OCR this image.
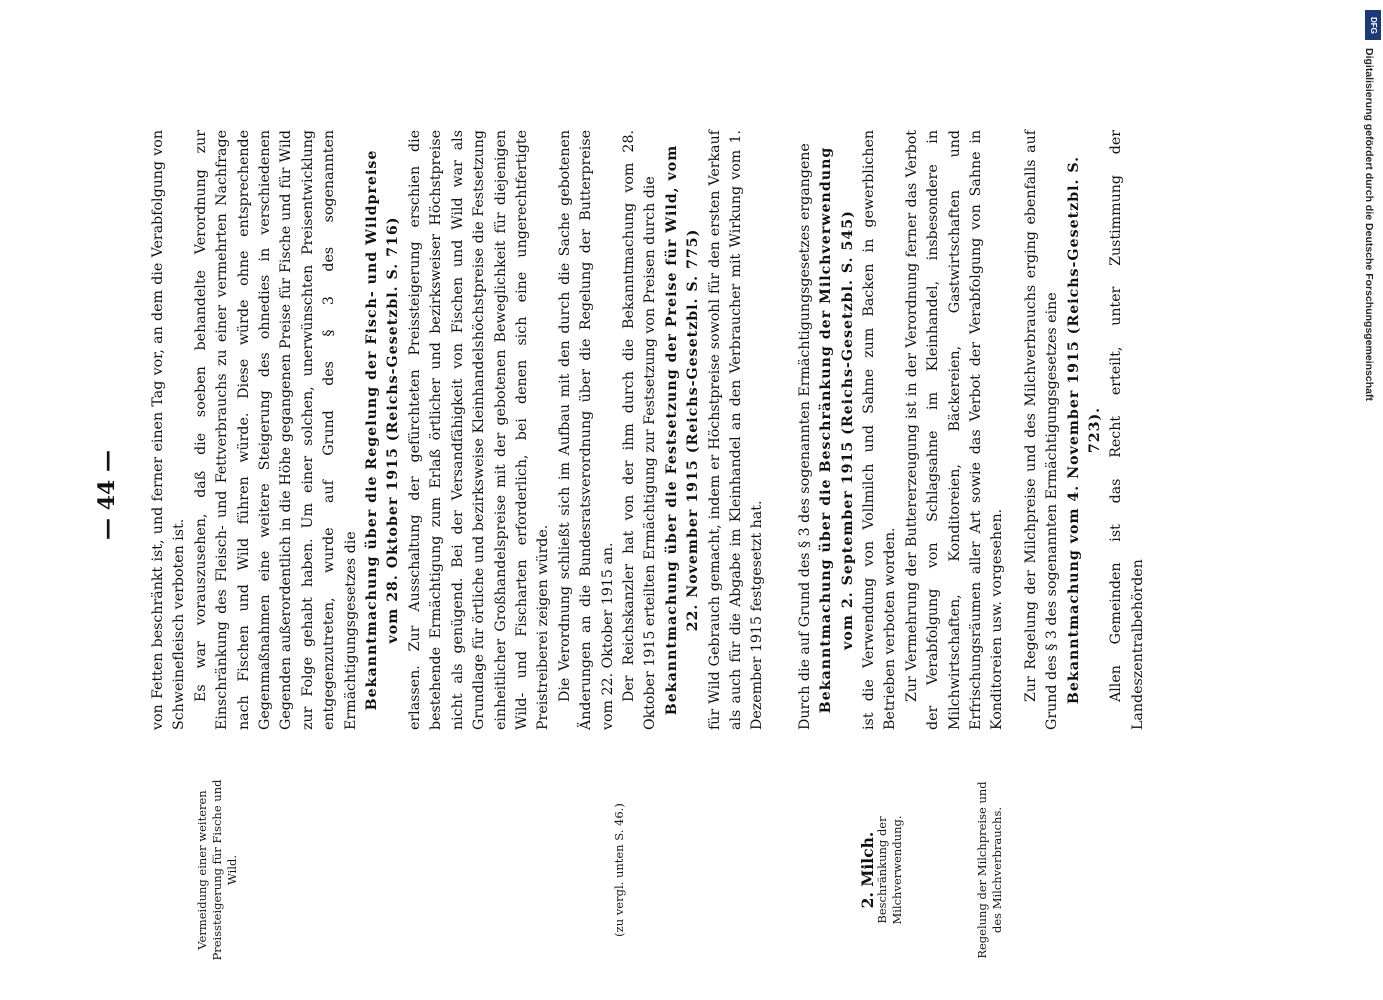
— 44 —
Vermeidung einer weiteren Preissteigerung für Fische und Wild.	(zu vergl. unten S. 46.)	2. Milch.
Beschränkung der Milchverwendung.	Regelung der Milchpreise und des Milchverbrauchs.

von Fetten beschränkt ist, und ferner einen Tag vor, an dem die Verabfolgung von Schweinefleisch verboten ist. Es war vorauszusehen, daß die soeben behandelte Verordnung zur Einschränkung des Fleisch- und Fettverbrauchs zu einer vermehrten Nachfrage nach Fischen und Wild führen würde. Diese würde ohne entsprechende Gegenmaßnahmen eine weitere Steigerung des ohnedies in verschiedenen Gegenden außerordentlich in die Höhe gegangenen Preise für Fische und für Wild zur Folge gehabt haben. Um einer solchen, unerwünschten Preisentwicklung entgegenzutreten, wurde auf Grund des § 3 des sogenannten Ermächtigungsgesetzes die Bekanntmachung über die Regelung der Fisch- und Wildpreise vom 28. Oktober 1915 (Reichs-Gesetzbl. S. 716) erlassen. Zur Ausschaltung der gefürchteten Preissteigerung erschien die bestehende Ermächtigung zum Erlaß örtlicher und bezirksweiser Höchstpreise nicht als genügend. Bei der Versandfähigkeit von Fischen und Wild war als Grundlage für örtliche und bezirksweise Kleinhandelshöchstpreise die Festsetzung einheitlicher Großhandelspreise mit der gebotenen Beweglichkeit für diejenigen Wild- und Fischarten erforderlich, bei denen sich eine ungerechtfertigte Preistreiberei zeigen würde. Die Verordnung schließt sich im Aufbau mit den durch die Sache gebotenen Änderungen an die Bundesratsverordnung über die Regelung der Butterpreise vom 22. Oktober 1915 an. Der Reichskanzler hat von der ihm durch die Bekanntmachung vom 28. Oktober 1915 erteilten Ermächtigung zur Festsetzung von Preisen durch die Bekanntmachung über die Festsetzung der Preise für Wild, vom 22. November 1915 (Reichs-Gesetzbl. S. 775) für Wild Gebrauch gemacht, indem er Höchstpreise sowohl für den ersten Verkauf als auch für die Abgabe im Kleinhandel an den Verbraucher mit Wirkung vom 1. Dezember 1915 festgesetzt hat. Durch die auf Grund des § 3 des sogenannten Ermächtigungsgesetzes ergangene Bekanntmachung über die Beschränkung der Milchverwendung vom 2. September 1915 (Reichs-Gesetzbl. S. 545) ist die Verwendung von Vollmilch und Sahne zum Backen in gewerblichen Betrieben verboten worden. Zur Vermehrung der Buttererzeugung ist in der Verordnung ferner das Verbot der Verabfolgung von Schlagsahne im Kleinhandel, insbesondere in Milchwirtschaften, Konditoreien, Bäckereien, Gastwirtschaften und Erfrischungsräumen aller Art sowie das Verbot der Verabfolgung von Sahne in Konditoreien usw. vorgesehen. Zur Regelung der Milchpreise und des Milchverbrauchs erging ebenfalls auf Grund des § 3 des sogenannten Ermächtigungsgesetzes eine Bekanntmachung vom 4. November 1915 (Reichs-Gesetzbl. S. 723). Allen Gemeinden ist das Recht erteilt, unter Zustimmung der Landeszentralbehörden

DFG
Digitalisierung gefördert durch die Deutsche Forschungsgemeinschaft
